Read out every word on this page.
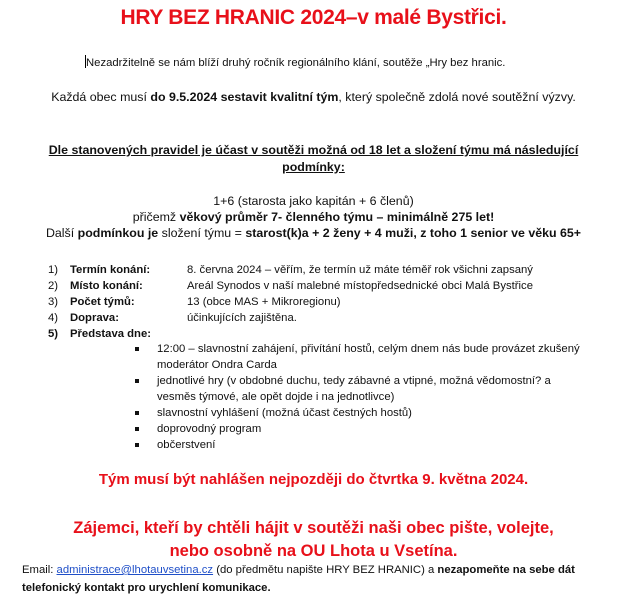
HRY BEZ HRANIC 2024–v malé Bystřici.
Nezadržitelně se nám blíží druhý ročník regionálního klání, soutěže „Hry bez hranic.
Každá obec musí do 9.5.2024 sestavit kvalitní tým, který společně zdolá nové soutěžní výzvy.
Dle stanovených pravidel je účast v soutěži možná od 18 let a složení týmu má následující podmínky:
1+6 (starosta jako kapitán + 6 členů)
přičemž věkový průměr 7- členného týmu – minimálně 275 let!
Další podmínkou je složení týmu = starost(k)a + 2 ženy + 4 muži, z toho 1 senior ve věku 65+
1)	Termín konání:	8. června 2024 – věřím, že termín už máte téměř rok všichni zapsaný
2)	Místo konání:	Areál Synodos v naší malebné místopředsednické obci Malá Bystřice
3)	Počet týmů:	13 (obce MAS + Mikroregionu)
4)	Doprava:	účinkujících zajištěna.
5)	Představa dne:
12:00 – slavnostní zahájení, přivítání hostů, celým dnem nás bude provázet zkušený moderátor Ondra Carda
jednotlivé hry (v obdobné duchu, tedy zábavné a vtipné, možná vědomostní? a vesměs týmové, ale opět dojde i na jednotlivce)
slavnostní vyhlášení (možná účast čestných hostů)
doprovodný program
občerstvení
Tým musí být nahlášen nejpozději do čtvrtka 9. května 2024.
Zájemci, kteří by chtěli hájit v soutěži naši obec pište, volejte, nebo osobně na OU Lhota u Vsetína.
Email: administrace@lhotauvsetina.cz (do předmětu napište HRY BEZ HRANIC) a nezapomeňte na sebe dát telefonický kontakt pro urychlení komunikace.
